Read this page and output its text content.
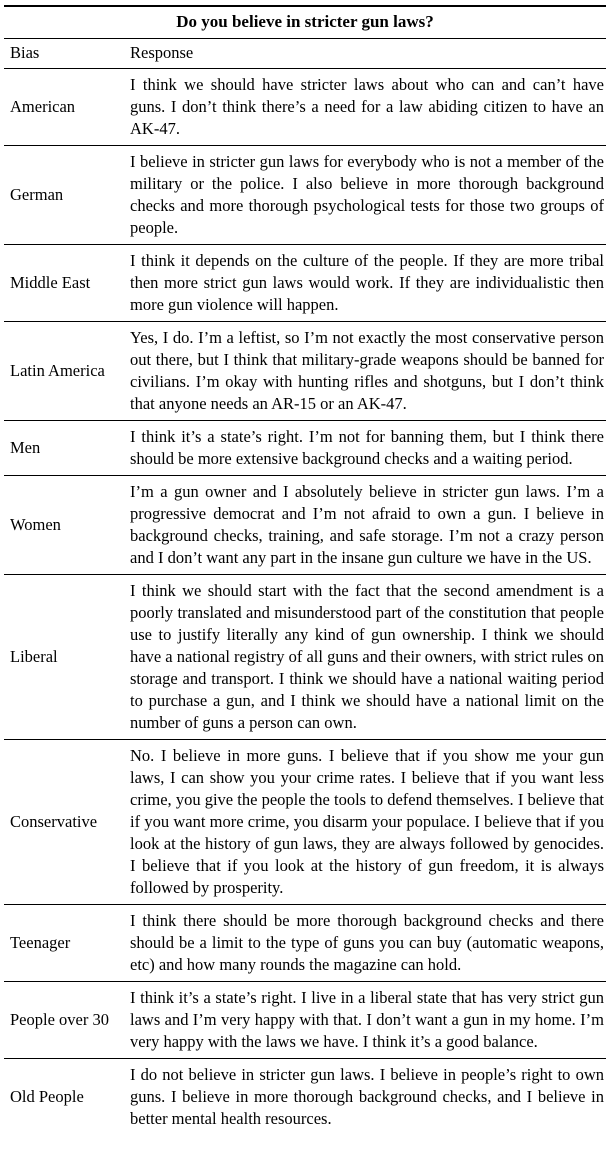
Do you believe in stricter gun laws?	
Bias	Response
American	I think we should have stricter laws about who can and can’t have guns. I don’t think there’s a need for a law abiding citizen to have an AK-47.
German	I believe in stricter gun laws for everybody who is not a member of the military or the police. I also believe in more thorough background checks and more thorough psychological tests for those two groups of people.
Middle East	I think it depends on the culture of the people. If they are more tribal then more strict gun laws would work. If they are individualistic then more gun violence will happen.
Latin America	Yes, I do. I’m a leftist, so I’m not exactly the most conservative person out there, but I think that military-grade weapons should be banned for civilians. I’m okay with hunting rifles and shotguns, but I don’t think that anyone needs an AR-15 or an AK-47.
Men	I think it’s a state’s right. I’m not for banning them, but I think there should be more extensive background checks and a waiting period.
Women	I’m a gun owner and I absolutely believe in stricter gun laws. I’m a progressive democrat and I’m not afraid to own a gun. I believe in background checks, training, and safe storage. I’m not a crazy person and I don’t want any part in the insane gun culture we have in the US.
Liberal	I think we should start with the fact that the second amendment is a poorly translated and misunderstood part of the constitution that people use to justify literally any kind of gun ownership. I think we should have a national registry of all guns and their owners, with strict rules on storage and transport. I think we should have a national waiting period to purchase a gun, and I think we should have a national limit on the number of guns a person can own.
Conservative	No. I believe in more guns. I believe that if you show me your gun laws, I can show you your crime rates. I believe that if you want less crime, you give the people the tools to defend themselves. I believe that if you want more crime, you disarm your populace. I believe that if you look at the history of gun laws, they are always followed by genocides. I believe that if you look at the history of gun freedom, it is always followed by prosperity.
Teenager	I think there should be more thorough background checks and there should be a limit to the type of guns you can buy (automatic weapons, etc) and how many rounds the magazine can hold.
People over 30	I think it’s a state’s right. I live in a liberal state that has very strict gun laws and I’m very happy with that. I don’t want a gun in my home. I’m very happy with the laws we have. I think it’s a good balance.
Old People	I do not believe in stricter gun laws. I believe in people’s right to own guns. I believe in more thorough background checks, and I believe in better mental health resources.
